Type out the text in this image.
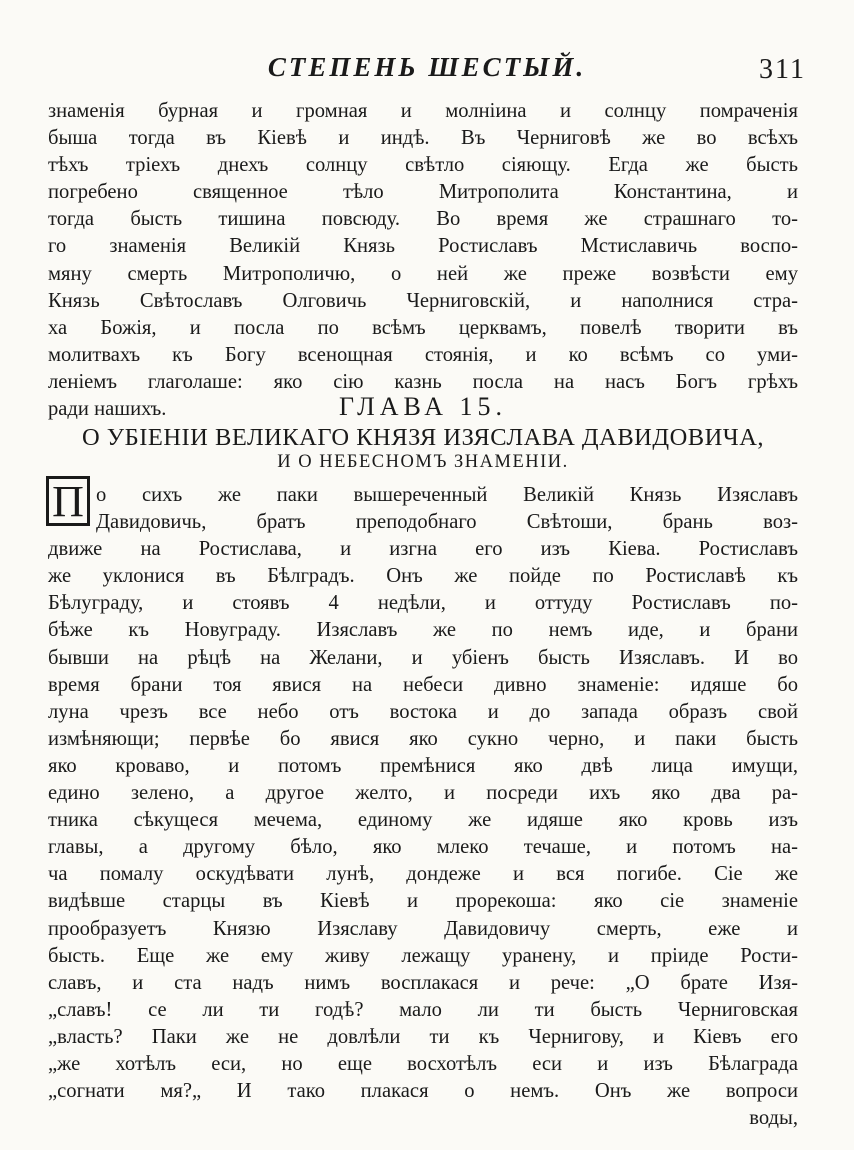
СТЕПЕНЬ ШЕСТЫЙ.	311
знаменія бурная и громная и молніина и солнцу помраченія
быша тогда въ Кіевѣ и индѣ. Въ Черниговѣ же во всѣхъ
тѣхъ тріехъ днехъ солнцу свѣтло сіяющу. Егда же бысть
погребено священное тѣло Митрополита Константина, и
тогда бысть тишина повсюду. Во время же страшнаго то-
го знаменія Великій Князь Ростиславъ Мстиславичь воспо-
мяну смерть Митрополичю, о ней же преже возвѣсти ему
Князь Свѣтославъ Олговичь Черниговскій, и наполнися стра-
ха Божія, и посла по всѣмъ церквамъ, повелѣ творити въ
молитвахъ къ Богу всенощная стоянія, и ко всѣмъ со уми-
леніемъ глаголаше: яко сію казнь посла на насъ Богъ грѣхъ
ради нашихъ.	ГЛАВА 15.
О УБІЕНІИ ВЕЛИКАГО КНЯЗЯ ИЗЯСЛАВА ДАВИДОВИЧА,
И О НЕБЕСНОМЪ ЗНАМЕНІИ.
П о сихъ же паки вышереченный Великій Князь Изяславъ
Давидовичь, братъ преподобнаго Свѣтоши, брань воз-
движе на Ростислава, и изгна его изъ Кіева. Ростиславъ
же уклонися въ Бѣлградъ. Онъ же пойде по Ростиславѣ къ
Бѣлуграду, и стоявъ 4 недѣли, и оттуду Ростиславъ по-
бѣже къ Новуграду. Изяславъ же по немъ иде, и брани
бывши на рѣцѣ на Желани, и убіенъ бысть Изяславъ. И во
время брани тоя явися на небеси дивно знаменіе: идяше бо
луна чрезъ все небо отъ востока и до запада образъ свой
измѣняющи; первѣе бо явися яко сукно черно, и паки бысть
яко кроваво, и потомъ премѣнися яко двѣ лица имущи,
едино зелено, а другое желто, и посреди ихъ яко два ра-
тника сѣкущеся мечема, единому же идяше яко кровь изъ
главы, а другому бѣло, яко млеко течаше, и потомъ на-
ча помалу оскудѣвати лунѣ, дондеже и вся погибе. Сіе же
видѣвше старцы въ Кіевѣ и прорекоша: яко сіе знаменіе
прообразуетъ Князю Изяславу Давидовичу смерть, еже и
бысть. Еще же ему живу лежащу уранену, и пріиде Рости-
славъ, и ста надъ нимъ восплакася и рече: „О брате Изя-
„славъ! се ли ти годѣ? мало ли ти бысть Черниговская
„власть? Паки же не довлѣли ти къ Чернигову, и Кіевъ его
„же хотѣлъ еси, но еще восхотѣлъ еси и изъ Бѣлаграда
„согнати мя?„ И тако плакася о немъ. Онъ же вопроси
воды,
